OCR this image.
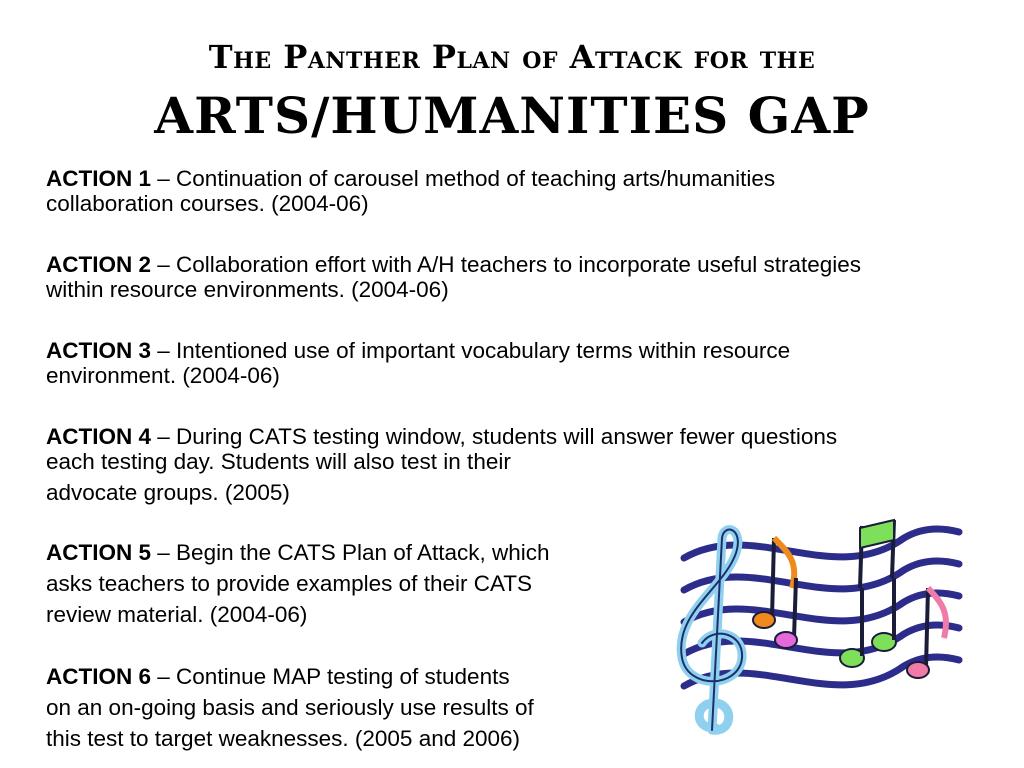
The Panther Plan of Attack for the
ARTS/HUMANITIES GAP
ACTION 1 – Continuation of carousel method of teaching arts/humanities
collaboration courses. (2004-06)
ACTION 2 – Collaboration effort with A/H teachers to incorporate useful strategies
within resource environments. (2004-06)
ACTION 3 – Intentioned use of important vocabulary terms within resource
environment. (2004-06)
ACTION 4 – During CATS testing window, students will answer fewer questions
each testing day. Students will also test in their
advocate groups. (2005)
ACTION 5 – Begin the CATS Plan of Attack, which
asks teachers to provide examples of their CATS
review material. (2004-06)
ACTION 6 – Continue MAP testing of students
on an on-going basis and seriously use results of
this test to target weaknesses. (2005 and 2006)
